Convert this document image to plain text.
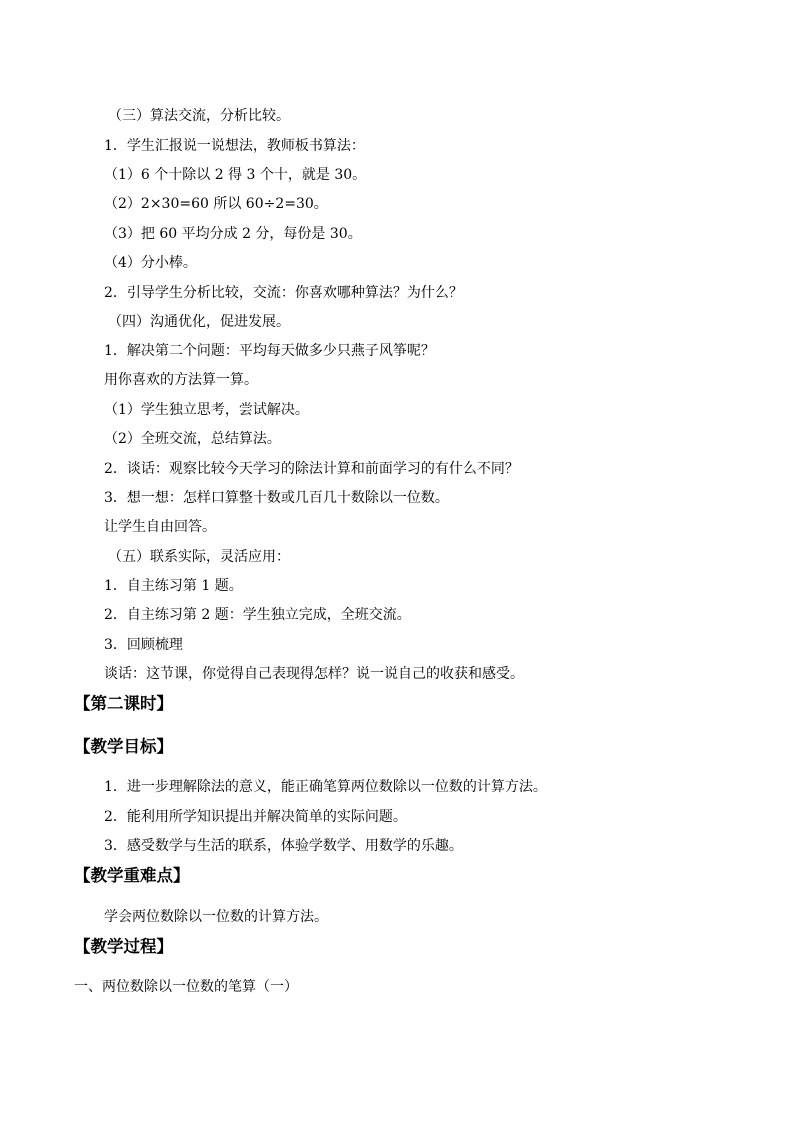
（三）算法交流，分析比较。
1．学生汇报说一说想法，教师板书算法：
（1）6 个十除以 2 得 3 个十，就是 30。
（2）2×30=60 所以 60÷2=30。
（3）把 60 平均分成 2 分，每份是 30。
（4）分小棒。
2．引导学生分析比较，交流：你喜欢哪种算法？为什么？
（四）沟通优化，促进发展。
1．解决第二个问题：平均每天做多少只燕子风筝呢？
用你喜欢的方法算一算。
（1）学生独立思考，尝试解决。
（2）全班交流，总结算法。
2．谈话：观察比较今天学习的除法计算和前面学习的有什么不同？
3．想一想：怎样口算整十数或几百几十数除以一位数。
让学生自由回答。
（五）联系实际，灵活应用：
1．自主练习第 1 题。
2．自主练习第 2 题：学生独立完成，全班交流。
3．回顾梳理
谈话：这节课，你觉得自己表现得怎样？说一说自己的收获和感受。
【第二课时】
【教学目标】
1．进一步理解除法的意义，能正确笔算两位数除以一位数的计算方法。
2．能利用所学知识提出并解决简单的实际问题。
3．感受数学与生活的联系，体验学数学、用数学的乐趣。
【教学重难点】
学会两位数除以一位数的计算方法。
【教学过程】
一、两位数除以一位数的笔算（一）
